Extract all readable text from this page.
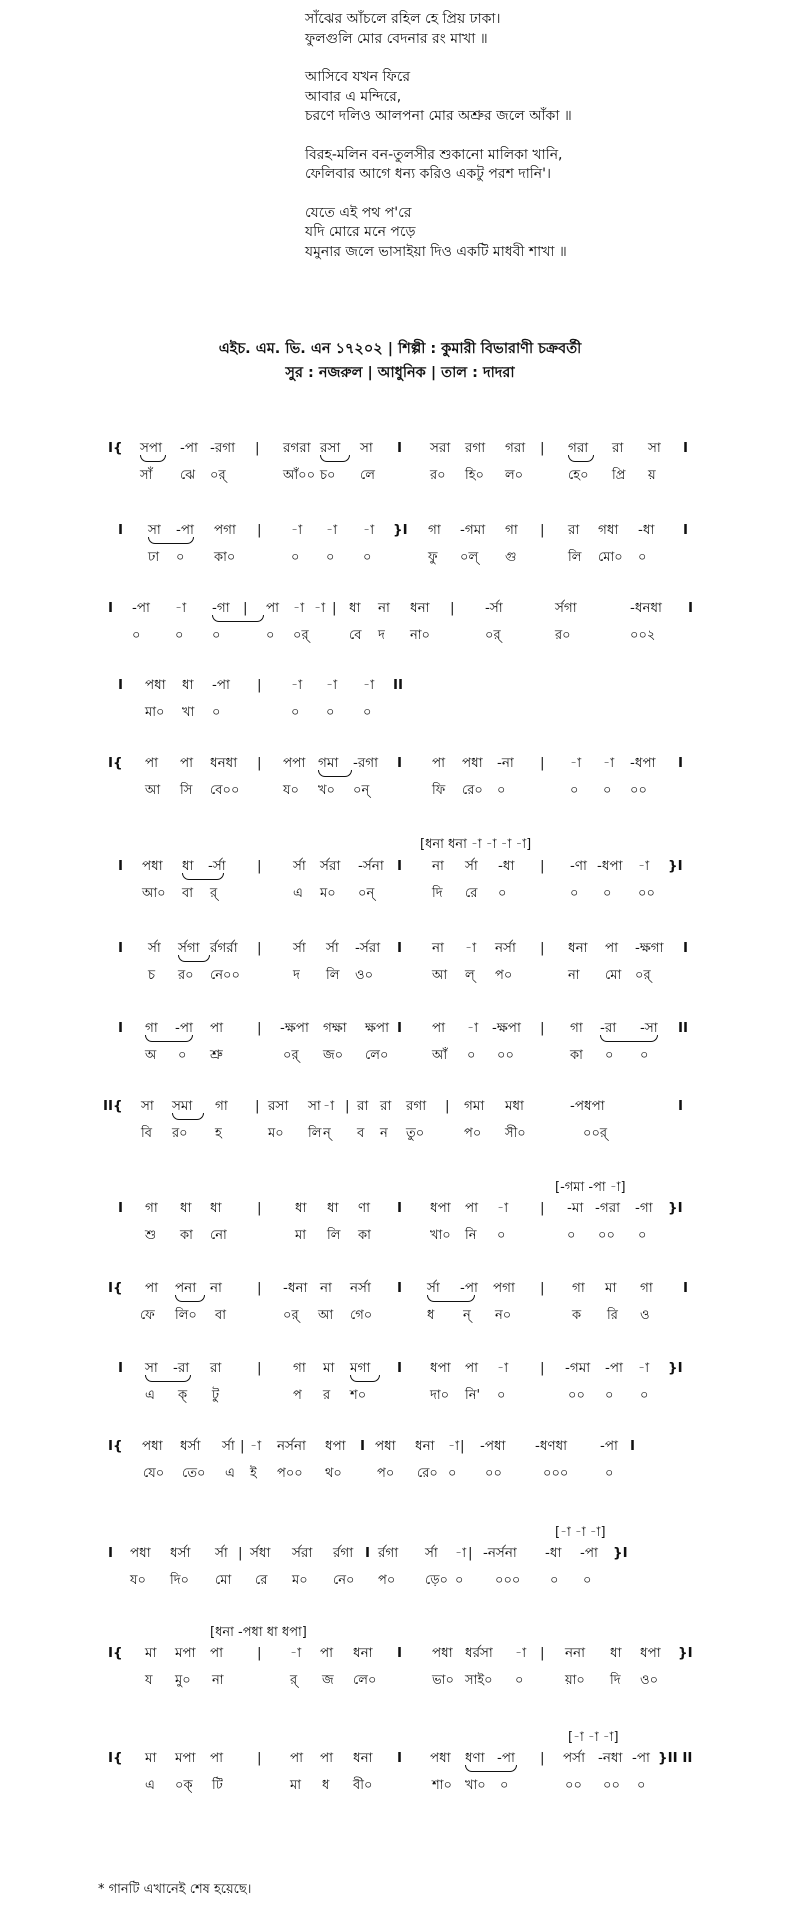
সাঁঝের আঁচলে রহিল হে প্রিয় ঢাকা।
ফুলগুলি মোর বেদনার রং মাখা ॥
আসিবে যখন ফিরে
আবার এ মন্দিরে,
চরণে দলিও আলপনা মোর অশ্রুর জলে আঁকা ॥
বিরহ-মলিন বন-তুলসীর শুকানো মালিকা খানি,
ফেলিবার আগে ধন্য করিও একটু পরশ দানি'।
যেতে এই পথ প'রে
যদি মোরে মনে পড়ে
যমুনার জলে ভাসাইয়া দিও একটি মাধবী শাখা ॥
এইচ. এম. ভি. এন ১৭২০২ | শিল্পী : কুমারী বিভারাণী চক্রবর্তী
সুর : নজরুল | আধুনিক | তাল : দাদরা
I{ সপা -পা -রগা | রগরা রসা সা I সরা রগা গরা | গরা রা সা I
সাঁ ঝে ০র্	আঁ০০ চ০ লে	র০ হি০ ল০	হে০ প্রি য়
I সা -পা পগা | -া -া -া }I গা -গমা গা | রা গধা -ধা I
ঢা ০ কা০	০ ০ ০	ফু ০ল্ গু	লি মো০ ০
I -পা -া -গা | পা -া -া | ধা না ধনা | -র্সা	র্সগা	-ধনধা I
০	০ ০	০ ০র্	বে দ না০	০র্	র০	০০২
I পধা ধা -পা | -া -া -া II
মা০ খা ০	০ ০ ০
I{ পা পা ধনধা | পপা গমা -রগা I পা পধা -না | -া -া -ধপা I
আ সি বে০০	য০ খ০ ০ন্	ফি রে০ ০	০ ০ ০০
I পধা ধা -র্সা | র্সা র্সরা -র্সনা I না র্সা -ধা | -ণা -ধপা -া }I
আ০ বা র্	এ ম০ ০ন্	দি রে ০	০ ০ ০০
I র্সা র্সগা র্রগর্রা | র্সা র্সা -র্সরা I না -া নর্সা | ধনা পা -ক্ষগা I
চ র০ নে০০	দ লি ও০	আ ল্ প০	না মো ০র্
I গা -পা পা	| -ক্ষপা গক্ষা ক্ষপা I পা -া -ক্ষপা | গা -রা -সা II
অ ০ শ্রু	০র্ জ০ লে০	আঁ ০ ০০	কা ০ ০
II{ সা সমা গা | রসা সা -া | রা রা রগা | গমা মধা	-পধপা	I
বি র০ হ	ম০ লি ন্ ব ন তু০	প০ সী০	০০র্
I গা ধা ধা	| ধা ধা ণা I ধপা পা -া | -মা -গরা -গা }I
শু কা নো	মা লি কা	খা০ নি ০	০ ০০ ০
I{ পা পনা না	| -ধনা না নর্সা I র্সা -পা পগা | গা মা গা I
ফে লি০ বা	০র্ আ গে০	ধ ন্ ন০	ক রি ও
I সা -রা রা	| গা মা মগা I ধপা পা -া | -গমা -পা -া }I
এ ক্ টু	প র শ০	দা০ নি' ০	০০ ০ ০
I{ পধা ধর্সা র্সা | -া নর্সনা ধপা I পধা ধনা -া | -পধা -ধণধা -পা I
যে০ তে০ এ ই প০০ থ০	প০ রে০ ০ ০০	০০০	০
I পধা ধর্সা র্সা | র্সধা র্সরা র্রগা I র্রগা র্সা -া | -নর্সনা -ধা -পা }I
য০ দি০ মো রে ম০ নে০ প০ ড়ে০ ০ ০০০ ০ ০
I{ মা মপা পা	| -া পা ধনা I পধা ধর্রসা -া | ননা ধা ধপা }I
য মু০ না	র্ জ লে০	ভা০ সাই০ ০	য়া০ দি ও০
I{ মা মপা পা	| পা পা ধনা I পধা ধণা -পা | পর্সা -নধা -পা }II II
এ ০ক্ টি	মা ধ বী০	শা০ খা০ ০	০০ ০০ ০
[ধনা ধনা -া -া -া -া]
[-গমা -পা -া]
[-া -া -া]
[ধনা -পধা ধা ধপা]
[-া -া -া]
* গানটি এখানেই শেষ হয়েছে।
